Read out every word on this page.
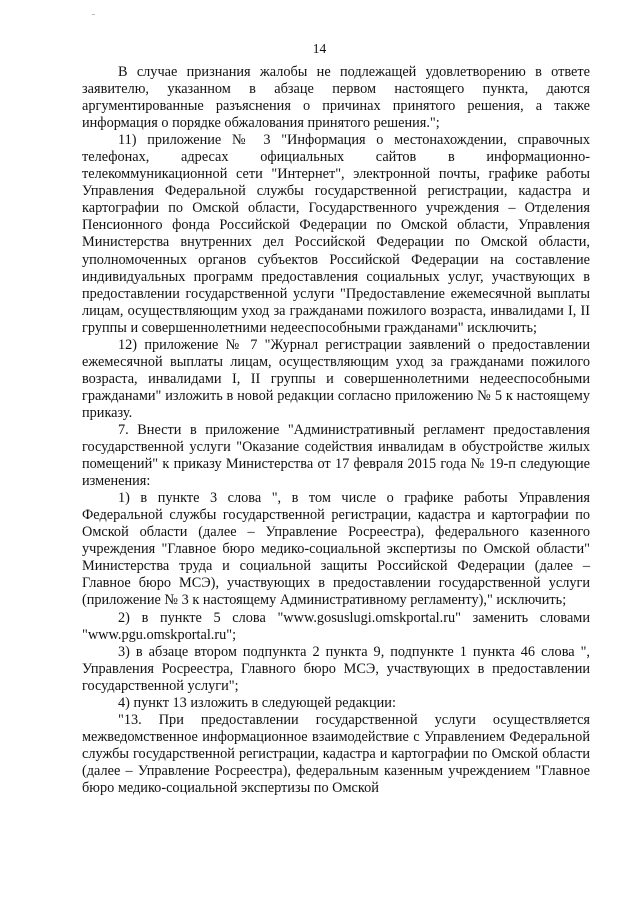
14

В случае признания жалобы не подлежащей удовлетворению в ответе заявителю, указанном в абзаце первом настоящего пункта, даются аргументированные разъяснения о причинах принятого решения, а также информация о порядке обжалования принятого решения.";

11) приложение № 3 "Информация о местонахождении, справочных телефонах, адресах официальных сайтов в информационно-телекоммуникационной сети "Интернет", электронной почты, графике работы Управления Федеральной службы государственной регистрации, кадастра и картографии по Омской области, Государственного учреждения – Отделения Пенсионного фонда Российской Федерации по Омской области, Управления Министерства внутренних дел Российской Федерации по Омской области, уполномоченных органов субъектов Российской Федерации на составление индивидуальных программ предоставления социальных услуг, участвующих в предоставлении государственной услуги "Предоставление ежемесячной выплаты лицам, осуществляющим уход за гражданами пожилого возраста, инвалидами I, II группы и совершеннолетними недееспособными гражданами" исключить;

12) приложение № 7 "Журнал регистрации заявлений о предоставлении ежемесячной выплаты лицам, осуществляющим уход за гражданами пожилого возраста, инвалидами I, II группы и совершеннолетними недееспособными гражданами" изложить в новой редакции согласно приложению № 5 к настоящему приказу.

7. Внести в приложение "Административный регламент предоставления государственной услуги "Оказание содействия инвалидам в обустройстве жилых помещений" к приказу Министерства от 17 февраля 2015 года № 19-п следующие изменения:

1) в пункте 3 слова ", в том числе о графике работы Управления Федеральной службы государственной регистрации, кадастра и картографии по Омской области (далее – Управление Росреестра), федерального казенного учреждения "Главное бюро медико-социальной экспертизы по Омской области" Министерства труда и социальной защиты Российской Федерации (далее – Главное бюро МСЭ), участвующих в предоставлении государственной услуги (приложение № 3 к настоящему Административному регламенту)," исключить;

2) в пункте 5 слова "www.gosuslugi.omskportal.ru" заменить словами "www.pgu.omskportal.ru";

3) в абзаце втором подпункта 2 пункта 9, подпункте 1 пункта 46 слова ", Управления Росреестра, Главного бюро МСЭ, участвующих в предоставлении государственной услуги";

4) пункт 13 изложить в следующей редакции:

"13. При предоставлении государственной услуги осуществляется межведомственное информационное взаимодействие с Управлением Федеральной службы государственной регистрации, кадастра и картографии по Омской области (далее – Управление Росреестра), федеральным казенным учреждением "Главное бюро медико-социальной экспертизы по Омской
